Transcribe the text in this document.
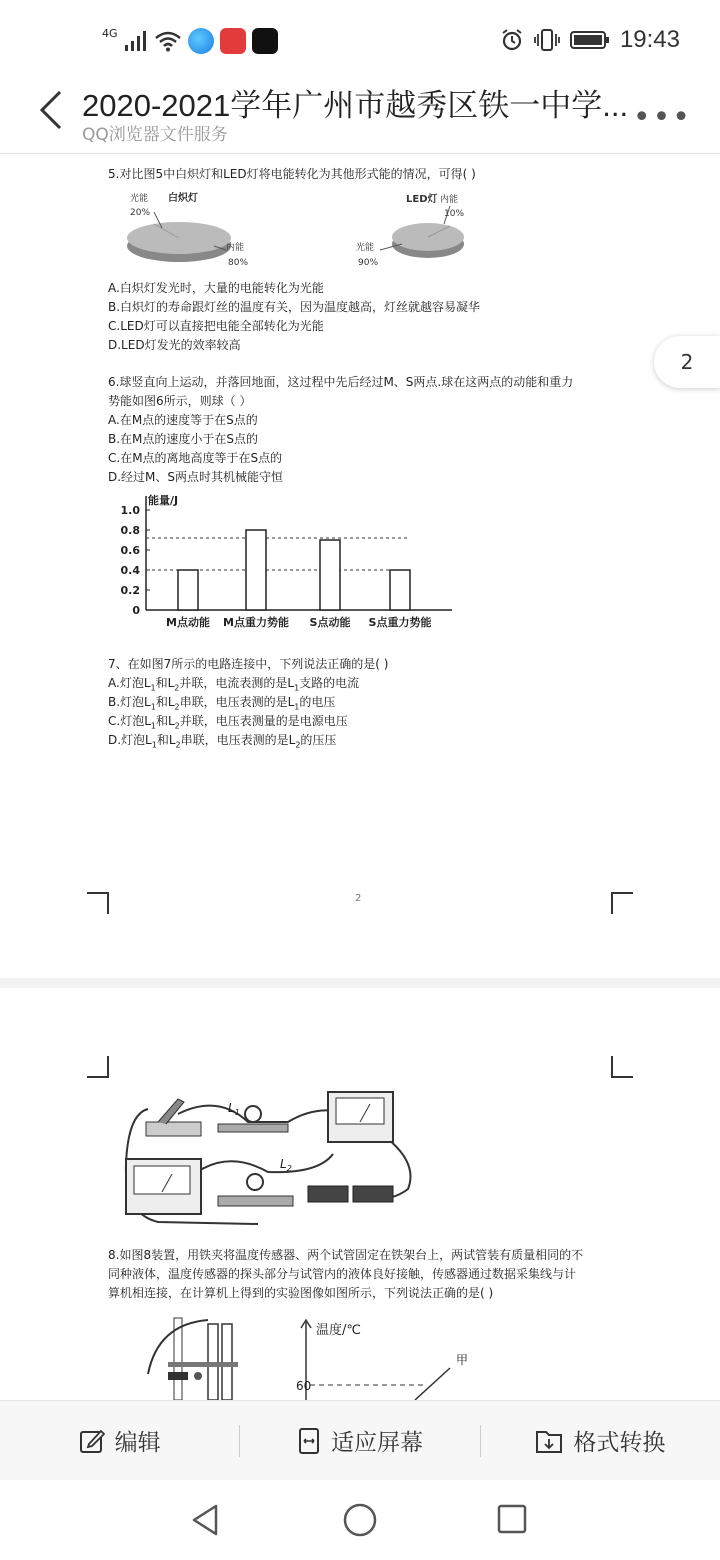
4G	19:43
2020-2021学年广州市越秀区铁一中学...
QQ浏览器文件服务	•••
5.对比图5中白炽灯和LED灯将电能转化为其他形式能的情况，可得( )
光能 白炽灯
20%
内能
80%
LED灯 内能
10%
光能
90%
A.白炽灯发光时，大量的电能转化为光能
B.白炽灯的寿命跟灯丝的温度有关，因为温度越高，灯丝就越容易凝华
C.LED灯可以直接把电能全部转化为光能
D.LED灯发光的效率较高
6.球竖直向上运动，并落回地面，这过程中先后经过M、S两点.球在这两点的动能和重力
势能如图6所示，则球（ ）
A.在M点的速度等于在S点的
B.在M点的速度小于在S点的
C.在M点的离地高度等于在S点的
D.经过M、S两点时其机械能守恒
能量/J
0
0.2
0.4
0.6
0.8
1.0
M点动能 M点重力势能 S点动能 S点重力势能
7、在如图7所示的电路连接中，下列说法正确的是( )
A.灯泡$L_1$和$L_2$并联，电流表测的是$L_1$支路的电流
B.灯泡$L_1$和$L_2$串联，电压表测的是$L_1$的电压
C.灯泡$L_1$和$L_2$并联，电压表测量的是电源电压
D.灯泡$L_1$和$L_2$串联，电压表测的是$L_2$的压压
2
2
$L_1$
$L_2$
8.如图8装置，用铁夹将温度传感器、两个试管固定在铁架台上，两试管装有质量相同的不
同种液体，温度传感器的探头部分与试管内的液体良好接触，传感器通过数据采集线与计
算机相连接，在计算机上得到的实验图像如图所示，下列说法正确的是( )
温度/℃
60
甲
编辑	适应屏幕	格式转换
